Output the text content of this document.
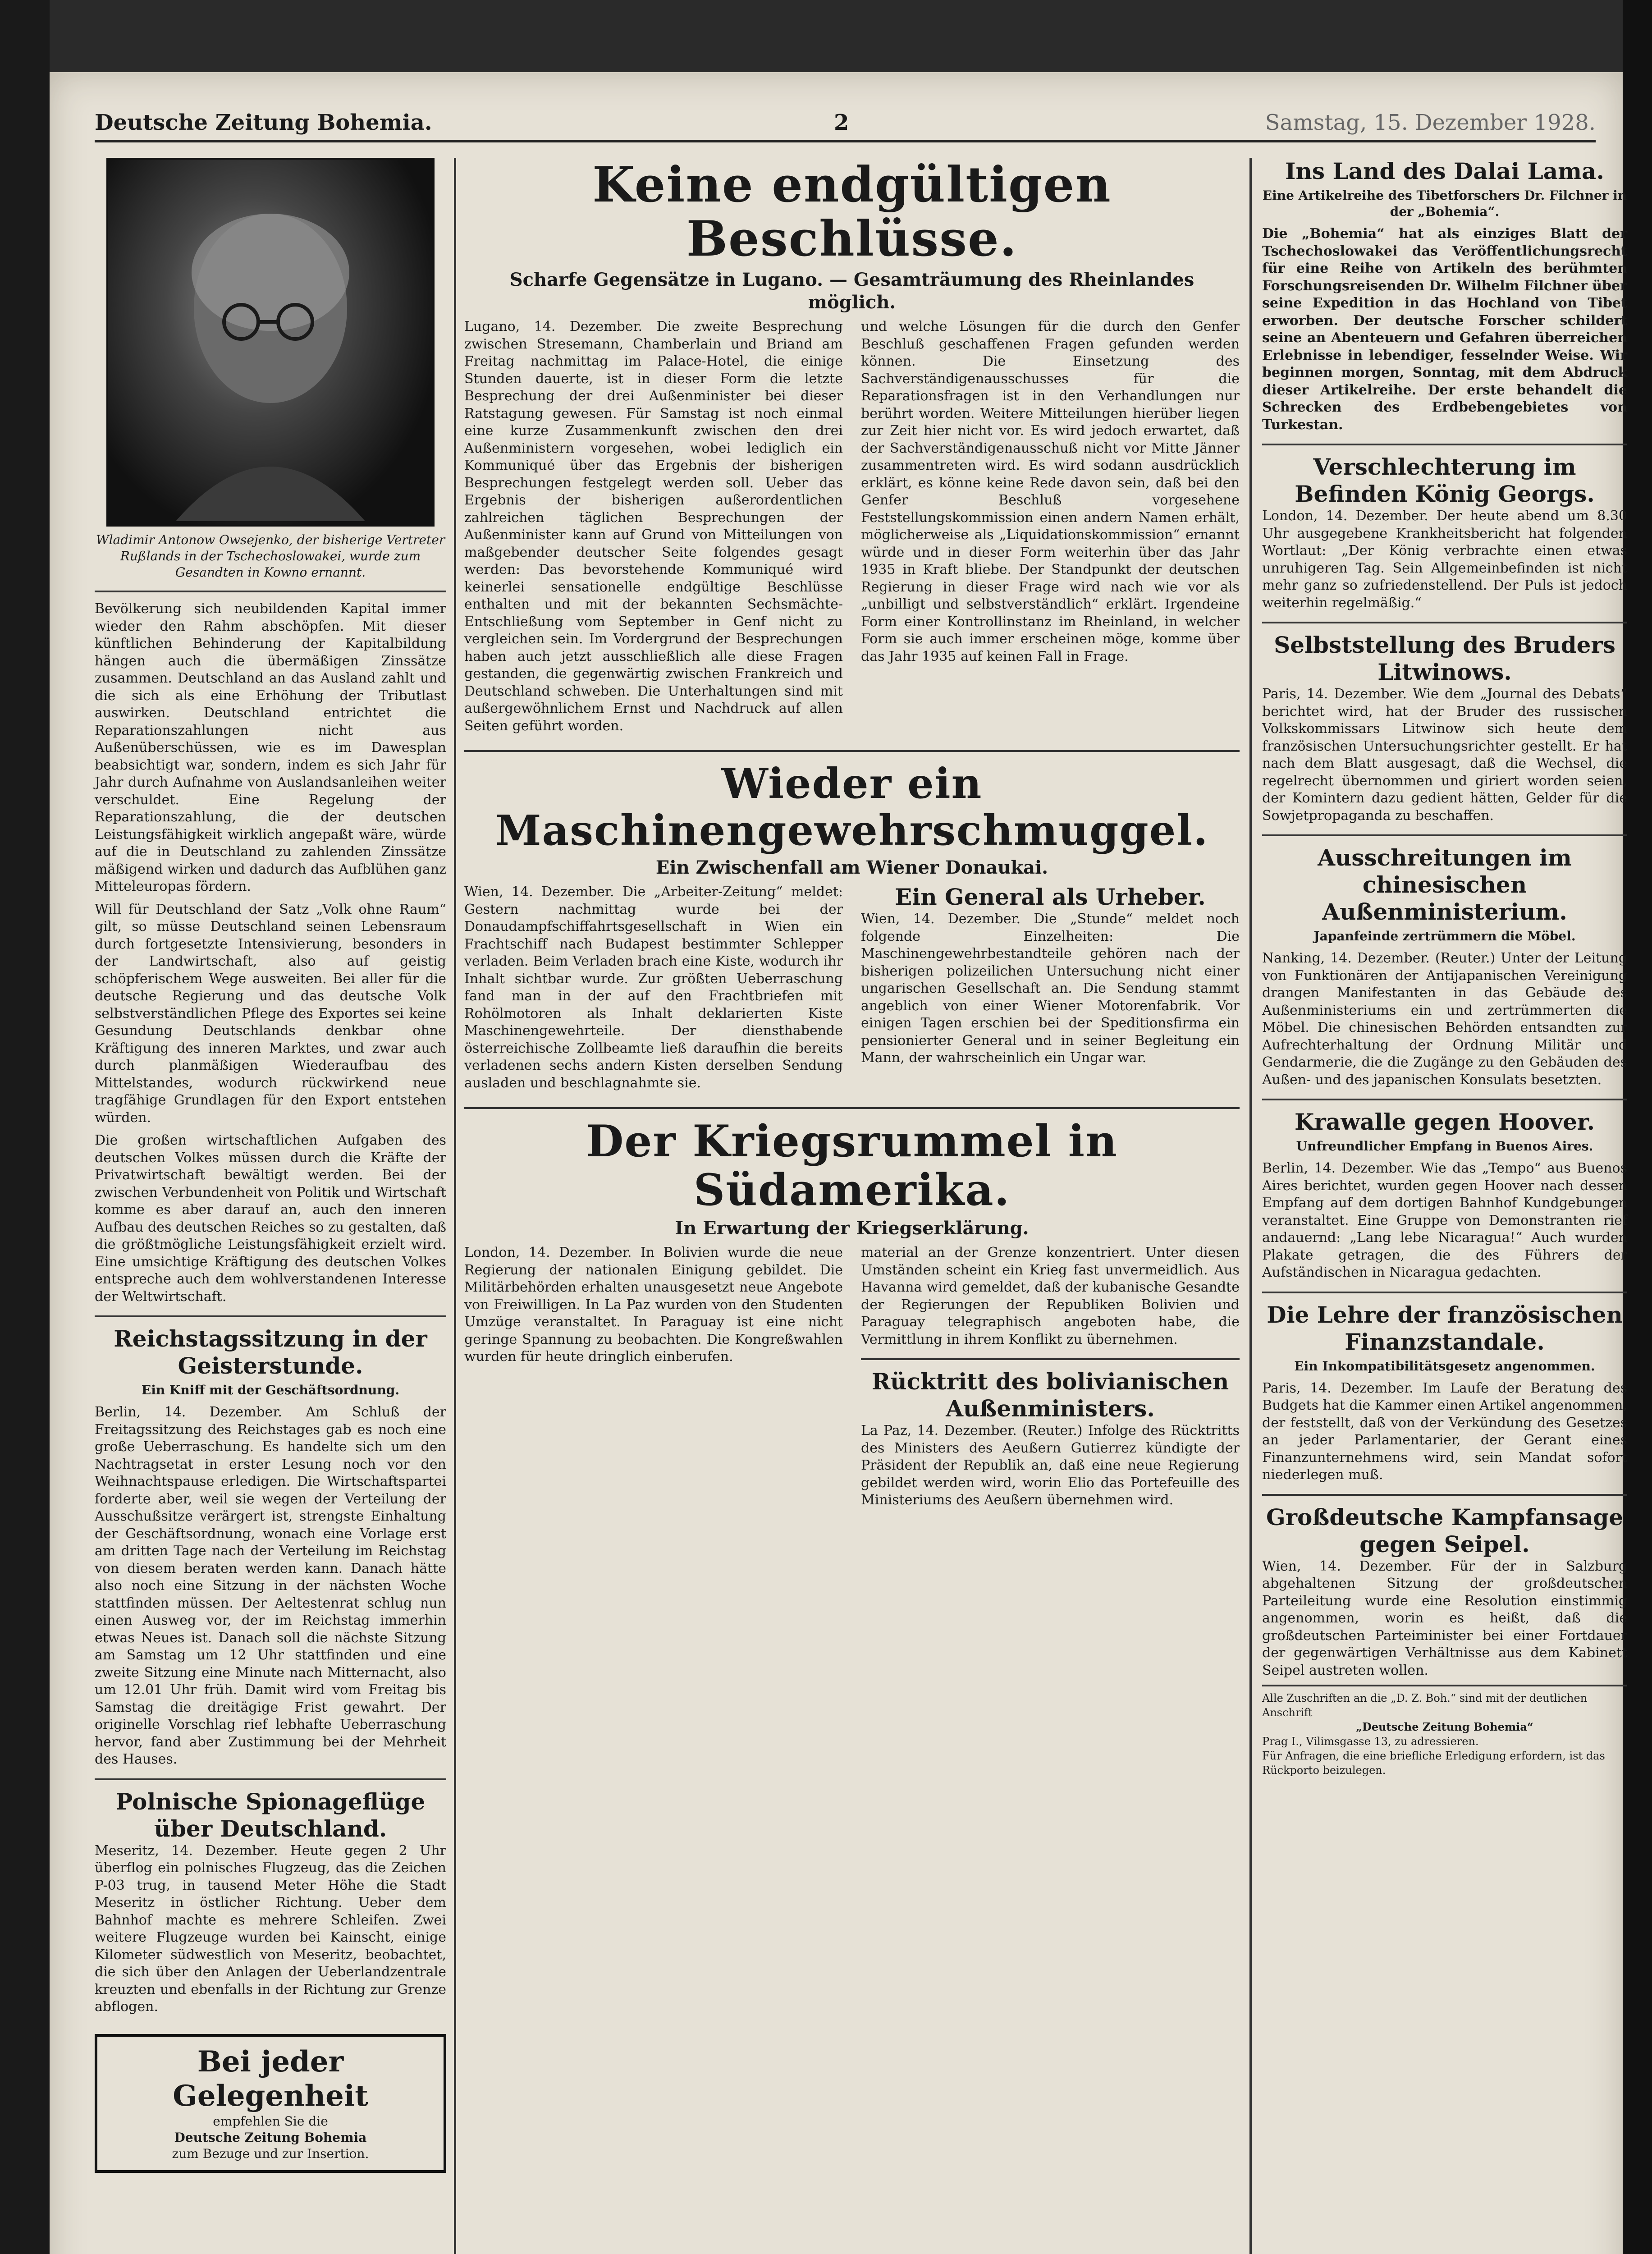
Deutsche Zeitung Bohemia.	2	Samstag, 15. Dezember 1928.
Wladimir Antonow Owsejenko, der bisherige Vertreter Rußlands in der Tschechoslowakei, wurde zum Gesandten in Kowno ernannt.

Bevölkerung sich neubildenden Kapital immer wieder den Rahm abschöpfen. Mit dieser künftlichen Behinderung der Kapitalbildung hängen auch die übermäßigen Zinssätze zusammen. Deutschland an das Ausland zahlt und die sich als eine Erhöhung der Tributlast auswirken. Deutschland entrichtet die Reparationszahlungen nicht aus Außenüberschüssen, wie es im Dawesplan beabsichtigt war, sondern, indem es sich Jahr für Jahr durch Aufnahme von Auslandsanleihen weiter verschuldet. Eine Regelung der Reparationszahlung, die der deutschen Leistungsfähigkeit wirklich angepaßt wäre, würde auf die in Deutschland zu zahlenden Zinssätze mäßigend wirken und dadurch das Aufblühen ganz Mitteleuropas fördern.

Will für Deutschland der Satz „Volk ohne Raum“ gilt, so müsse Deutschland seinen Lebensraum durch fortgesetzte Intensivierung, besonders in der Landwirtschaft, also auf geistig schöpferischem Wege ausweiten. Bei aller für die deutsche Regierung und das deutsche Volk selbstverständlichen Pflege des Exportes sei keine Gesundung Deutschlands denkbar ohne Kräftigung des inneren Marktes, und zwar auch durch planmäßigen Wiederaufbau des Mittelstandes, wodurch rückwirkend neue tragfähige Grundlagen für den Export entstehen würden.

Die großen wirtschaftlichen Aufgaben des deutschen Volkes müssen durch die Kräfte der Privatwirtschaft bewältigt werden. Bei der zwischen Verbundenheit von Politik und Wirtschaft komme es aber darauf an, auch den inneren Aufbau des deutschen Reiches so zu gestalten, daß die größtmögliche Leistungsfähigkeit erzielt wird. Eine umsichtige Kräftigung des deutschen Volkes entspreche auch dem wohlverstandenen Interesse der Weltwirtschaft.

Reichstagssitzung in der Geisterstunde.
Ein Kniff mit der Geschäftsordnung.

Berlin, 14. Dezember. Am Schluß der Freitagssitzung des Reichstages gab es noch eine große Ueberraschung. Es handelte sich um den Nachtragsetat in erster Lesung noch vor den Weihnachtspause erledigen. Die Wirtschaftspartei forderte aber, weil sie wegen der Verteilung der Ausschußsitze verärgert ist, strengste Einhaltung der Geschäftsordnung, wonach eine Vorlage erst am dritten Tage nach der Verteilung im Reichstag von diesem beraten werden kann. Danach hätte also noch eine Sitzung in der nächsten Woche stattfinden müssen. Der Aeltestenrat schlug nun einen Ausweg vor, der im Reichstag immerhin etwas Neues ist. Danach soll die nächste Sitzung am Samstag um 12 Uhr stattfinden und eine zweite Sitzung eine Minute nach Mitternacht, also um 12.01 Uhr früh. Damit wird vom Freitag bis Samstag die dreitägige Frist gewahrt. Der originelle Vorschlag rief lebhafte Ueberraschung hervor, fand aber Zustimmung bei der Mehrheit des Hauses.

Polnische Spionageflüge über Deutschland.

Meseritz, 14. Dezember. Heute gegen 2 Uhr überflog ein polnisches Flugzeug, das die Zeichen P-03 trug, in tausend Meter Höhe die Stadt Meseritz in östlicher Richtung. Ueber dem Bahnhof machte es mehrere Schleifen. Zwei weitere Flugzeuge wurden bei Kainscht, einige Kilometer südwestlich von Meseritz, beobachtet, die sich über den Anlagen der Ueberlandzentrale kreuzten und ebenfalls in der Richtung zur Grenze abflogen.

Bei jeder Gelegenheit
empfehlen Sie die
Deutsche Zeitung Bohemia
zum Bezuge und zur Insertion.
Keine endgültigen Beschlüsse.
Scharfe Gegensätze in Lugano. — Gesamträumung des Rheinlandes möglich.

Lugano, 14. Dezember. Die zweite Besprechung zwischen Stresemann, Chamberlain und Briand am Freitag nachmittag im Palace-Hotel, die einige Stunden dauerte, ist in dieser Form die letzte Besprechung der drei Außenminister bei dieser Ratstagung gewesen. Für Samstag ist noch einmal eine kurze Zusammenkunft zwischen den drei Außenministern vorgesehen, wobei lediglich ein Kommuniqué über das Ergebnis der bisherigen Besprechungen festgelegt werden soll. Ueber das Ergebnis der bisherigen außerordentlichen zahlreichen täglichen Besprechungen der Außenminister kann auf Grund von Mitteilungen von maßgebender deutscher Seite folgendes gesagt werden: Das bevorstehende Kommuniqué wird keinerlei sensationelle endgültige Beschlüsse enthalten und mit der bekannten Sechsmächte-Entschließung vom September in Genf nicht zu vergleichen sein. Im Vordergrund der Besprechungen haben auch jetzt ausschließlich alle diese Fragen gestanden, die gegenwärtig zwischen Frankreich und Deutschland schweben. Die Unterhaltungen sind mit außergewöhnlichem Ernst und Nachdruck auf allen Seiten geführt worden.

und welche Lösungen für die durch den Genfer Beschluß geschaffenen Fragen gefunden werden können. Die Einsetzung des Sachverständigenausschusses für die Reparationsfragen ist in den Verhandlungen nur berührt worden. Weitere Mitteilungen hierüber liegen zur Zeit hier nicht vor. Es wird jedoch erwartet, daß der Sachverständigenausschuß nicht vor Mitte Jänner zusammentreten wird. Es wird sodann ausdrücklich erklärt, es könne keine Rede davon sein, daß bei den Genfer Beschluß vorgesehene Feststellungskommission einen andern Namen erhält, möglicherweise als „Liquidationskommission“ ernannt würde und in dieser Form weiterhin über das Jahr 1935 in Kraft bliebe. Der Standpunkt der deutschen Regierung in dieser Frage wird nach wie vor als „unbilligt und selbstverständlich“ erklärt. Irgendeine Form einer Kontrollinstanz im Rheinland, in welcher Form sie auch immer erscheinen möge, komme über das Jahr 1935 auf keinen Fall in Frage.

Wieder ein Maschinengewehrschmuggel.
Ein Zwischenfall am Wiener Donaukai.

Wien, 14. Dezember. Die „Arbeiter-Zeitung“ meldet: Gestern nachmittag wurde bei der Donaudampfschiffahrtsgesellschaft in Wien ein Frachtschiff nach Budapest bestimmter Schlepper verladen. Beim Verladen brach eine Kiste, wodurch ihr Inhalt sichtbar wurde. Zur größten Ueberraschung fand man in der auf den Frachtbriefen mit Rohölmotoren als Inhalt deklarierten Kiste Maschinengewehrteile. Der diensthabende österreichische Zollbeamte ließ daraufhin die bereits verladenen sechs andern Kisten derselben Sendung ausladen und beschlagnahmte sie.

Ein General als Urheber.

Wien, 14. Dezember. Die „Stunde“ meldet noch folgende Einzelheiten: Die Maschinengewehrbestandteile gehören nach der bisherigen polizeilichen Untersuchung nicht einer ungarischen Gesellschaft an. Die Sendung stammt angeblich von einer Wiener Motorenfabrik. Vor einigen Tagen erschien bei der Speditionsfirma ein pensionierter General und in seiner Begleitung ein Mann, der wahrscheinlich ein Ungar war.

Der Kriegsrummel in Südamerika.
In Erwartung der Kriegserklärung.

London, 14. Dezember. In Bolivien wurde die neue Regierung der nationalen Einigung gebildet. Die Militärbehörden erhalten unausgesetzt neue Angebote von Freiwilligen. In La Paz wurden von den Studenten Umzüge veranstaltet. In Paraguay ist eine nicht geringe Spannung zu beobachten. Die Kongreßwahlen wurden für heute dringlich einberufen.

material an der Grenze konzentriert. Unter diesen Umständen scheint ein Krieg fast unvermeidlich. Aus Havanna wird gemeldet, daß der kubanische Gesandte der Regierungen der Republiken Bolivien und Paraguay telegraphisch angeboten habe, die Vermittlung in ihrem Konflikt zu übernehmen.

Rücktritt des bolivianischen Außenministers.

La Paz, 14. Dezember. (Reuter.) Infolge des Rücktritts des Ministers des Aeußern Gutierrez kündigte der Präsident der Republik an, daß eine neue Regierung gebildet werden wird, worin Elio das Portefeuille des Ministeriums des Aeußern übernehmen wird.

Ins Land des Dalai Lama.
Eine Artikelreihe des Tibetforschers Dr. Filchner in der „Bohemia“.

Die „Bohemia“ hat als einziges Blatt der Tschechoslowakei das Veröffentlichungsrecht für eine Reihe von Artikeln des berühmten Forschungsreisenden Dr. Wilhelm Filchner über seine Expedition in das Hochland von Tibet erworben. Der deutsche Forscher schildert seine an Abenteuern und Gefahren überreichen Erlebnisse in lebendiger, fesselnder Weise. Wir beginnen morgen, Sonntag, mit dem Abdruck dieser Artikelreihe. Der erste behandelt die Schrecken des Erdbebengebietes von Turkestan.

Verschlechterung im Befinden König Georgs.

London, 14. Dezember. Der heute abend um 8.30 Uhr ausgegebene Krankheitsbericht hat folgenden Wortlaut: „Der König verbrachte einen etwas unruhigeren Tag. Sein Allgemeinbefinden ist nicht mehr ganz so zufriedenstellend. Der Puls ist jedoch weiterhin regelmäßig.“

Selbststellung des Bruders Litwinows.

Paris, 14. Dezember. Wie dem „Journal des Debats“ berichtet wird, hat der Bruder des russischen Volkskommissars Litwinow sich heute dem französischen Untersuchungsrichter gestellt. Er hat nach dem Blatt ausgesagt, daß die Wechsel, die regelrecht übernommen und giriert worden seien, der Komintern dazu gedient hätten, Gelder für die Sowjetpropaganda zu beschaffen.

Ausschreitungen im chinesischen Außenministerium.
Japanfeinde zertrümmern die Möbel.

Nanking, 14. Dezember. (Reuter.) Unter der Leitung von Funktionären der Antijapanischen Vereinigung drangen Manifestanten in das Gebäude des Außenministeriums ein und zertrümmerten die Möbel. Die chinesischen Behörden entsandten zur Aufrechterhaltung der Ordnung Militär und Gendarmerie, die die Zugänge zu den Gebäuden des Außen- und des japanischen Konsulats besetzten.

Krawalle gegen Hoover.
Unfreundlicher Empfang in Buenos Aires.

Berlin, 14. Dezember. Wie das „Tempo“ aus Buenos Aires berichtet, wurden gegen Hoover nach dessen Empfang auf dem dortigen Bahnhof Kundgebungen veranstaltet. Eine Gruppe von Demonstranten rief andauernd: „Lang lebe Nicaragua!“ Auch wurden Plakate getragen, die des Führers der Aufständischen in Nicaragua gedachten.

Die Lehre der französischen Finanzstandale.
Ein Inkompatibilitätsgesetz angenommen.

Paris, 14. Dezember. Im Laufe der Beratung des Budgets hat die Kammer einen Artikel angenommen, der feststellt, daß von der Verkündung des Gesetzes an jeder Parlamentarier, der Gerant eines Finanzunternehmens wird, sein Mandat sofort niederlegen muß.

Großdeutsche Kampfansage gegen Seipel.

Wien, 14. Dezember. Für der in Salzburg abgehaltenen Sitzung der großdeutschen Parteileitung wurde eine Resolution einstimmig angenommen, worin es heißt, daß die großdeutschen Parteiminister bei einer Fortdauer der gegenwärtigen Verhältnisse aus dem Kabinett Seipel austreten wollen.

Alle Zuschriften an die „D. Z. Boh.“ sind mit der deutlichen Anschrift
„Deutsche Zeitung Bohemia“
Prag I., Vilimsgasse 13, zu adressieren.
Für Anfragen, die eine briefliche Erledigung erfordern, ist das Rückporto beizulegen.
